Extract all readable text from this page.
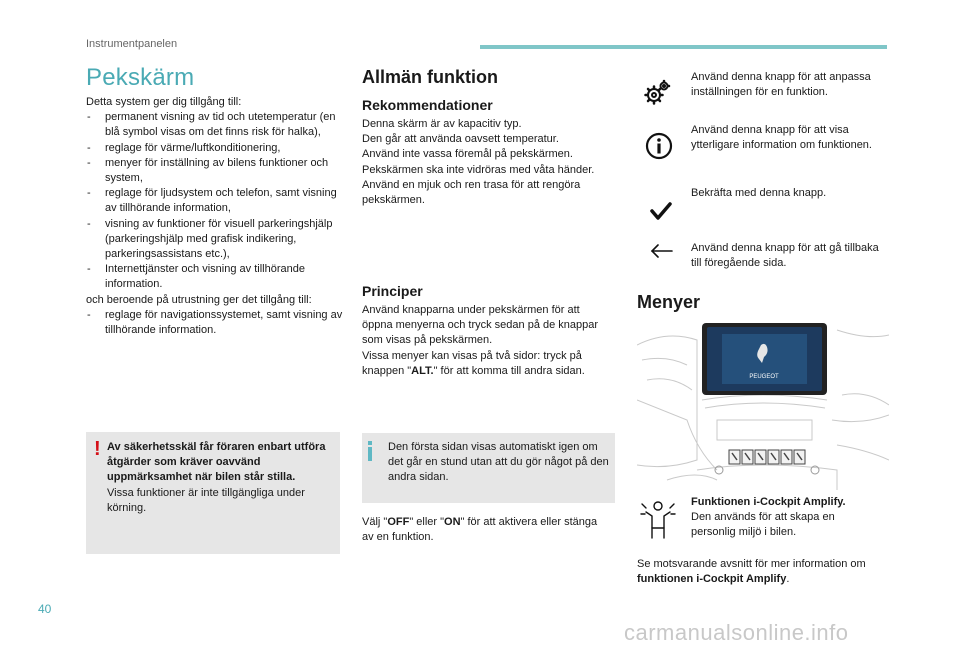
Instrumentpanelen
Pekskärm
Detta system ger dig tillgång till:
- permanent visning av tid och utetemperatur (en blå symbol visas om det finns risk för halka),
- reglage för värme/luftkonditionering,
- menyer för inställning av bilens funktioner och system,
- reglage för ljudsystem och telefon, samt visning av tillhörande information,
- visning av funktioner för visuell parkeringshjälp (parkeringshjälp med grafisk indikering, parkeringsassistans etc.),
- Internettjänster och visning av tillhörande information.
och beroende på utrustning ger det tillgång till:
- reglage för navigationssystemet, samt visning av tillhörande information.
! Av säkerhetsskäl får föraren enbart utföra åtgärder som kräver oavvänd uppmärksamhet när bilen står stilla.
Vissa funktioner är inte tillgängliga under körning.
Allmän funktion
Rekommendationer
Denna skärm är av kapacitiv typ.
Den går att använda oavsett temperatur.
Använd inte vassa föremål på pekskärmen.
Pekskärmen ska inte vidröras med våta händer.
Använd en mjuk och ren trasa för att rengöra pekskärmen.
Principer
Använd knapparna under pekskärmen för att öppna menyerna och tryck sedan på de knappar som visas på pekskärmen.
Vissa menyer kan visas på två sidor: tryck på knappen "ALT." för att komma till andra sidan.
Den första sidan visas automatiskt igen om det går en stund utan att du gör något på den andra sidan.
Välj "OFF" eller "ON" för att aktivera eller stänga av en funktion.
Använd denna knapp för att anpassa inställningen för en funktion.
Använd denna knapp för att visa ytterligare information om funktionen.
Bekräfta med denna knapp.
Använd denna knapp för att gå tillbaka till föregående sida.
Menyer
PEUGEOT
Funktionen i-Cockpit Amplify.
Den används för att skapa en personlig miljö i bilen.
Se motsvarande avsnitt för mer information om
funktionen i-Cockpit Amplify.
40
carmanualsonline.info
